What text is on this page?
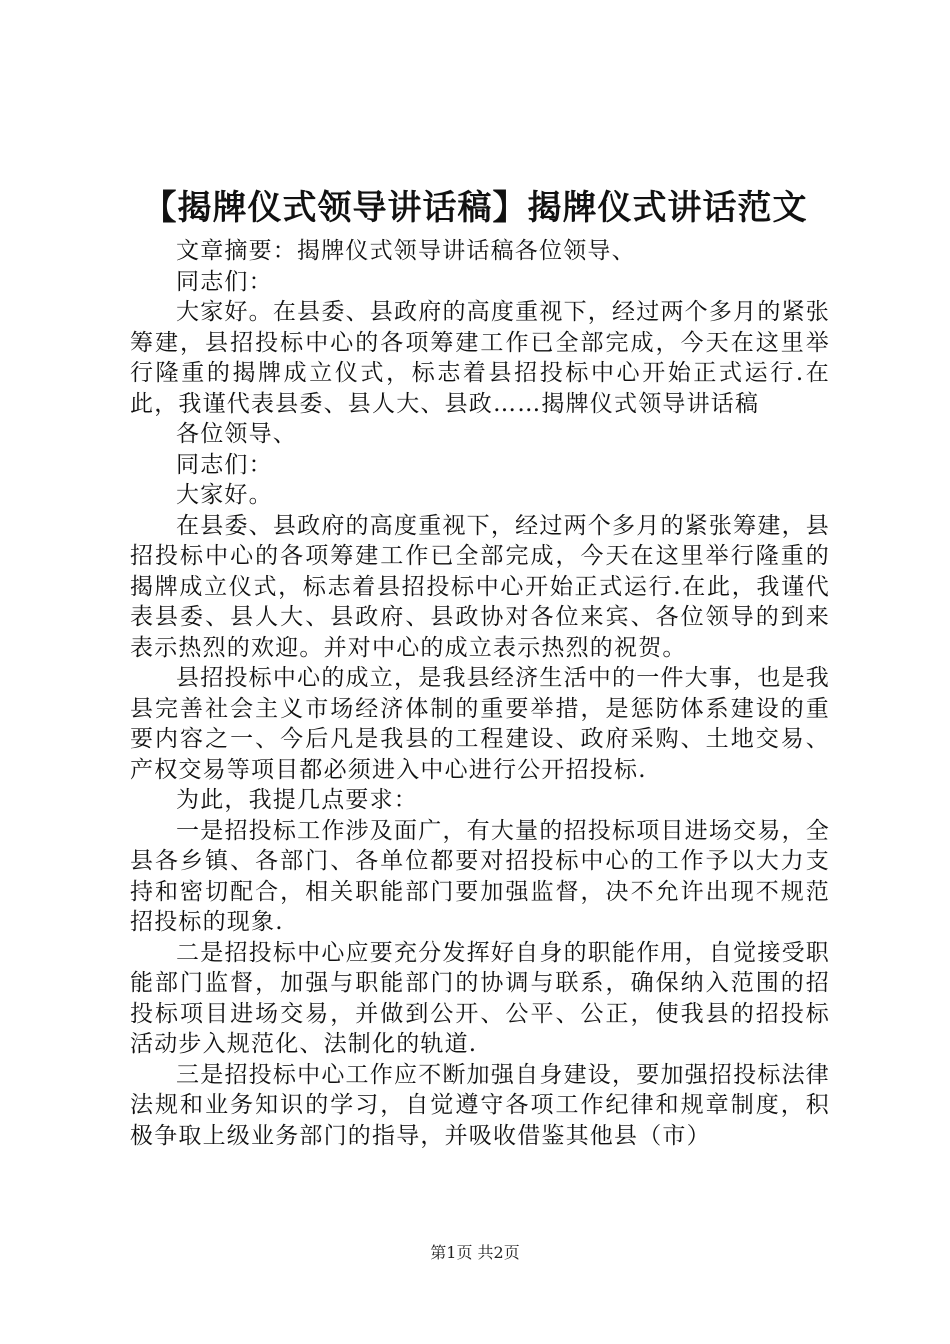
【揭牌仪式领导讲话稿】揭牌仪式讲话范文

文章摘要：揭牌仪式领导讲话稿各位领导、

同志们：

大家好。在县委、县政府的高度重视下，经过两个多月的紧张筹建，县招投标中心的各项筹建工作已全部完成，今天在这里举行隆重的揭牌成立仪式，标志着县招投标中心开始正式运行.在此，我谨代表县委、县人大、县政……揭牌仪式领导讲话稿

各位领导、

同志们：

大家好。

在县委、县政府的高度重视下，经过两个多月的紧张筹建，县招投标中心的各项筹建工作已全部完成，今天在这里举行隆重的揭牌成立仪式，标志着县招投标中心开始正式运行.在此，我谨代表县委、县人大、县政府、县政协对各位来宾、各位领导的到来表示热烈的欢迎。并对中心的成立表示热烈的祝贺。

县招投标中心的成立，是我县经济生活中的一件大事，也是我县完善社会主义市场经济体制的重要举措，是惩防体系建设的重要内容之一、今后凡是我县的工程建设、政府采购、土地交易、产权交易等项目都必须进入中心进行公开招投标.

为此，我提几点要求：

一是招投标工作涉及面广，有大量的招投标项目进场交易，全县各乡镇、各部门、各单位都要对招投标中心的工作予以大力支持和密切配合，相关职能部门要加强监督，决不允许出现不规范招投标的现象.

二是招投标中心应要充分发挥好自身的职能作用，自觉接受职能部门监督，加强与职能部门的协调与联系，确保纳入范围的招投标项目进场交易，并做到公开、公平、公正，使我县的招投标活动步入规范化、法制化的轨道.

三是招投标中心工作应不断加强自身建设，要加强招投标法律法规和业务知识的学习，自觉遵守各项工作纪律和规章制度，积极争取上级业务部门的指导，并吸收借鉴其他县（市）

第1页 共2页
